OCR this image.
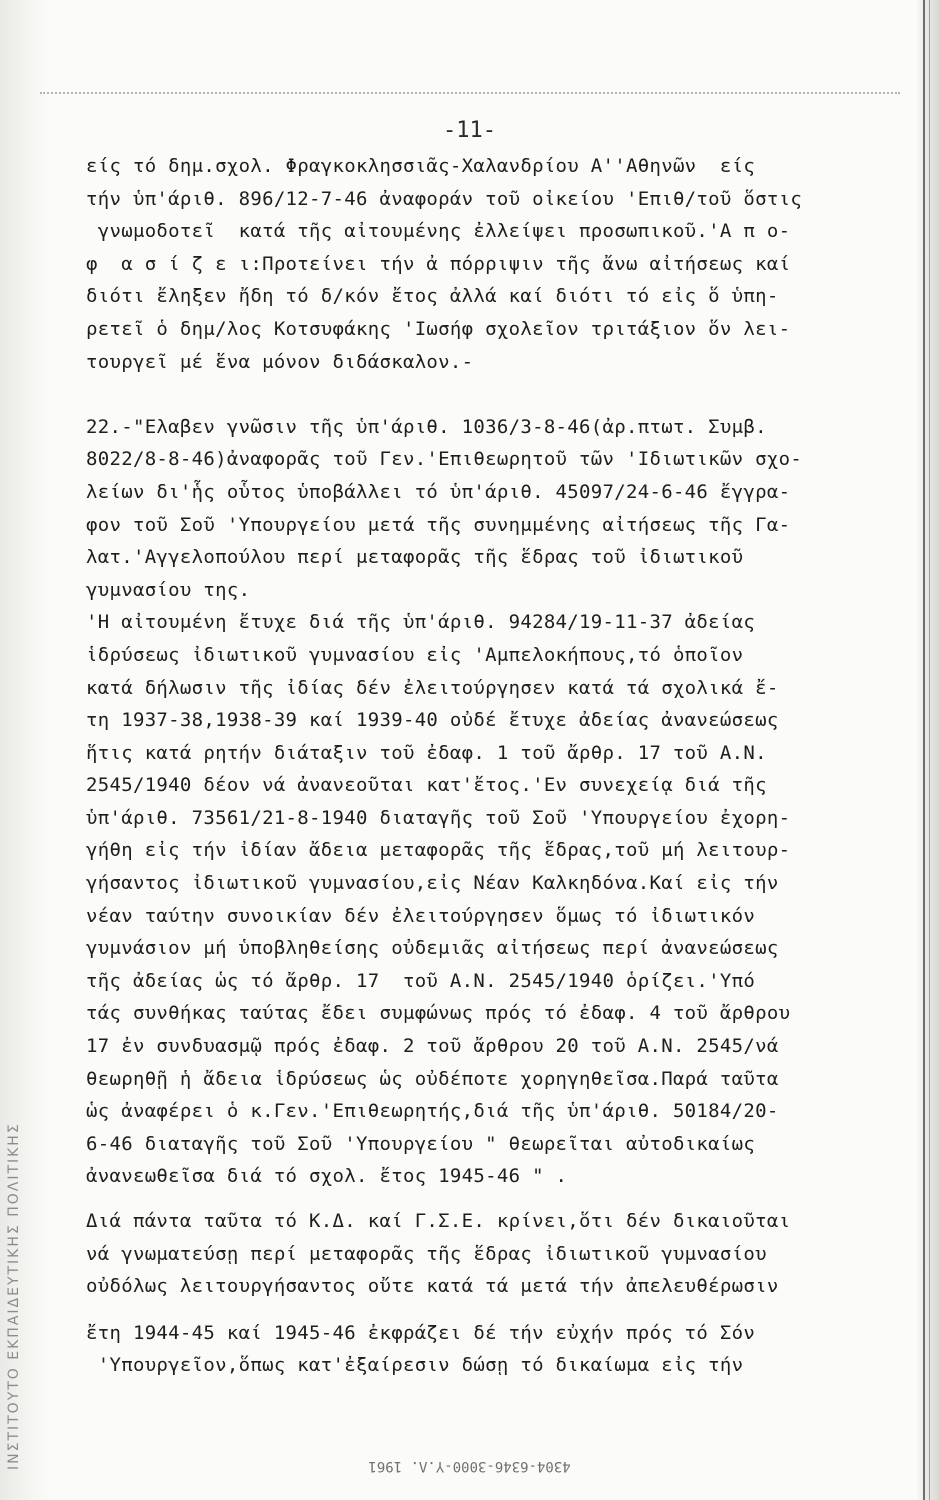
ΙΝΣΤΙΤΟΥΤΟ ΕΚΠΑΙΔΕΥΤΙΚΗΣ ΠΟΛΙΤΙΚΗΣ
-11-
είς τό δημ.σχολ. Φραγκοκλησσιᾶς-Χαλανδρίου Α''Αθηνῶν  είς
τήν ὑπ'άριθ. 896/12-7-46 ἀναφοράν τοῦ οἰκείου 'Επιθ/τοῦ ὅστις
γνωμοδοτεῖ  κατά τῆς αἰτουμένης ἐλλείψει προσωπικοῦ.'Α π ο-
φ  α σ ί ζ ε ι:Προτείνει τήν ἀ πόρριψιν τῆς ἄνω αἰτήσεως καί
διότι ἔληξεν ἤδη τό δ/κόν ἔτος ἀλλά καί διότι τό εἰς ὅ ὑπη-
ρετεῖ ὁ δημ/λος Κοτσυφάκης 'Ιωσήφ σχολεῖον τριτάξιον ὅν λει-
τουργεῖ μέ ἕνα μόνον διδάσκαλον.-
22.-"Ελαβεν γνῶσιν τῆς ὑπ'άριθ. 1036/3-8-46(ἀρ.πτωτ. Συμβ.
8022/8-8-46)ἀναφορᾶς τοῦ Γεν.'Επιθεωρητοῦ τῶν 'Ιδιωτικῶν σχο-
λείων δι'ἧς οὗτος ὑποβάλλει τό ὑπ'άριθ. 45097/24-6-46 ἔγγρα-
φον τοῦ Σοῦ 'Υπουργείου μετά τῆς συνημμένης αἰτήσεως τῆς Γα-
λατ.'Αγγελοπούλου περί μεταφορᾶς τῆς ἕδρας τοῦ ἰδιωτικοῦ
γυμνασίου της.
'Η αἰτουμένη ἔτυχε διά τῆς ὑπ'άριθ. 94284/19-11-37 ἀδείας
ἱδρύσεως ἰδιωτικοῦ γυμνασίου εἰς 'Αμπελοκήπους,τό ὁποῖον
κατά δήλωσιν τῆς ἰδίας δέν ἐλειτούργησεν κατά τά σχολικά ἔ-
τη 1937-38,1938-39 καί 1939-40 οὐδέ ἔτυχε ἀδείας ἀνανεώσεως
ἥτις κατά ρητήν διάταξιν τοῦ ἐδαφ. 1 τοῦ ἄρθρ. 17 τοῦ Α.Ν.
2545/1940 δέον νά ἀνανεοῦται κατ'ἔτος.'Εν συνεχείᾳ διά τῆς
ὑπ'άριθ. 73561/21-8-1940 διαταγῆς τοῦ Σοῦ 'Υπουργείου ἐχορη-
γήθη εἰς τήν ἰδίαν ἄδεια μεταφορᾶς τῆς ἕδρας,τοῦ μή λειτουρ-
γήσαντος ἰδιωτικοῦ γυμνασίου,εἰς Νέαν Καλκηδόνα.Καί εἰς τήν
νέαν ταύτην συνοικίαν δέν ἐλειτούργησεν ὅμως τό ἰδιωτικόν
γυμνάσιον μή ὑποβληθείσης οὐδεμιᾶς αἰτήσεως περί ἀνανεώσεως
τῆς ἀδείας ὡς τό ἄρθρ. 17  τοῦ Α.Ν. 2545/1940 ὁρίζει.'Υπό
τάς συνθήκας ταύτας ἔδει συμφώνως πρός τό ἐδαφ. 4 τοῦ ἄρθρου
17 ἐν συνδυασμῷ πρός ἐδαφ. 2 τοῦ ἄρθρου 20 τοῦ Α.Ν. 2545/νά
θεωρηθῇ ἡ ἄδεια ἱδρύσεως ὡς οὐδέποτε χορηγηθεῖσα.Παρά ταῦτα
ὡς ἀναφέρει ὁ κ.Γεν.'Επιθεωρητής,διά τῆς ὑπ'άριθ. 50184/20-
6-46 διαταγῆς τοῦ Σοῦ 'Υπουργείου " θεωρεῖται αὐτοδικαίως
ἀνανεωθεῖσα διά τό σχολ. ἔτος 1945-46 " .
Διά πάντα ταῦτα τό Κ.Δ. καί Γ.Σ.Ε. κρίνει,ὅτι δέν δικαιοῦται
νά γνωματεύσῃ περί μεταφορᾶς τῆς ἕδρας ἰδιωτικοῦ γυμνασίου
οὐδόλως λειτουργήσαντος οὔτε κατά τά μετά τήν ἀπελευθέρωσιν
ἔτη 1944-45 καί 1945-46 ἐκφράζει δέ τήν εὐχήν πρός τό Σόν
'Υπουργεῖον,ὅπως κατ'ἐξαίρεσιν δώσῃ τό δικαίωμα εἰς τήν
4304-6346-3000-Y.Λ. 1961
